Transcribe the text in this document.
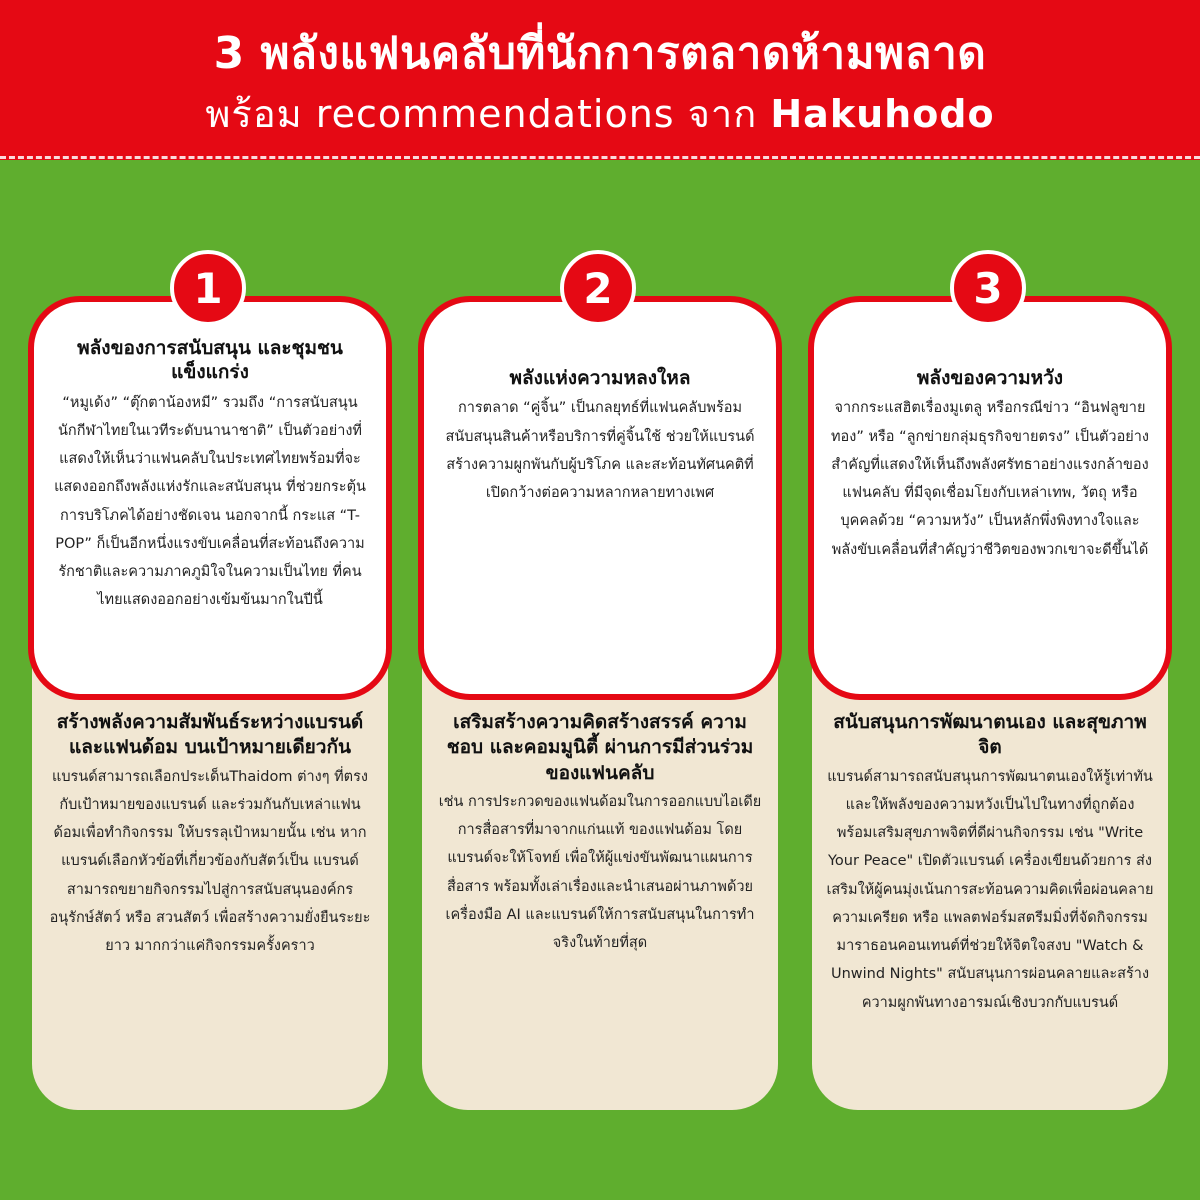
3 พลังแฟนคลับที่นักการตลาดห้ามพลาด
พร้อม recommendations จาก Hakuhodo
1
พลังของการสนับสนุน และชุมชนแข็งแกร่ง
“หมูเด้ง” “ตุ๊กตาน้องหมี” รวมถึง “การสนับสนุนนักกีฬาไทยในเวทีระดับนานาชาติ” เป็นตัวอย่างที่แสดงให้เห็นว่าแฟนคลับในประเทศไทยพร้อมที่จะแสดงออกถึงพลังแห่งรักและสนับสนุน ที่ช่วยกระตุ้นการบริโภคได้อย่างชัดเจน นอกจากนี้ กระแส “T-POP” ก็เป็นอีกหนึ่งแรงขับเคลื่อนที่สะท้อนถึงความรักชาติและความภาคภูมิใจในความเป็นไทย ที่คนไทยแสดงออกอย่างเข้มข้นมากในปีนี้
สร้างพลังความสัมพันธ์ระหว่างแบรนด์และแฟนด้อม บนเป้าหมายเดียวกัน
แบรนด์สามารถเลือกประเด็นThaidom ต่างๆ ที่ตรงกับเป้าหมายของแบรนด์ และร่วมกันกับเหล่าแฟนด้อมเพื่อทำกิจกรรม ให้บรรลุเป้าหมายนั้น เช่น หากแบรนด์เลือกหัวข้อที่เกี่ยวข้องกับสัตว์เป็น แบรนด์สามารถขยายกิจกรรมไปสู่การสนับสนุนองค์กรอนุรักษ์สัตว์ หรือ สวนสัตว์ เพื่อสร้างความยั่งยืนระยะยาว มากกว่าแค่กิจกรรมครั้งคราว
2
พลังแห่งความหลงใหล
การตลาด “คู่จิ้น” เป็นกลยุทธ์ที่แฟนคลับพร้อมสนับสนุนสินค้าหรือบริการที่คู่จิ้นใช้ ช่วยให้แบรนด์สร้างความผูกพันกับผู้บริโภค และสะท้อนทัศนคติที่เปิดกว้างต่อความหลากหลายทางเพศ
เสริมสร้างความคิดสร้างสรรค์ ความชอบ และคอมมูนิตี้ ผ่านการมีส่วนร่วมของแฟนคลับ
เช่น การประกวดของแฟนด้อมในการออกแบบไอเดียการสื่อสารที่มาจากแก่นแท้ ของแฟนด้อม โดยแบรนด์จะให้โจทย์ เพื่อให้ผู้แข่งขันพัฒนาแผนการสื่อสาร พร้อมทั้งเล่าเรื่องและนำเสนอผ่านภาพด้วยเครื่องมือ AI และแบรนด์ให้การสนับสนุนในการทำจริงในท้ายที่สุด
3
พลังของความหวัง
จากกระแสฮิตเรื่องมูเตลู หรือกรณีข่าว “อินฟลูขายทอง” หรือ “ลูกข่ายกลุ่มธุรกิจขายตรง” เป็นตัวอย่างสำคัญที่แสดงให้เห็นถึงพลังศรัทธาอย่างแรงกล้าของแฟนคลับ ที่มีจุดเชื่อมโยงกับเหล่าเทพ, วัตถุ หรือบุคคลด้วย “ความหวัง” เป็นหลักพึ่งพิงทางใจและพลังขับเคลื่อนที่สำคัญว่าชีวิตของพวกเขาจะดีขึ้นได้
สนับสนุนการพัฒนาตนเอง และสุขภาพจิต
แบรนด์สามารถสนับสนุนการพัฒนาตนเองให้รู้เท่าทัน และให้พลังของความหวังเป็นไปในทางที่ถูกต้อง พร้อมเสริมสุขภาพจิตที่ดีผ่านกิจกรรม เช่น "Write Your Peace" เปิดตัวแบรนด์ เครื่องเขียนด้วยการ ส่งเสริมให้ผู้คนมุ่งเน้นการสะท้อนความคิดเพื่อผ่อนคลายความเครียด หรือ แพลตฟอร์มสตรีมมิ่งที่จัดกิจกรรมมาราธอนคอนเทนต์ที่ช่วยให้จิตใจสงบ "Watch & Unwind Nights" สนับสนุนการผ่อนคลายและสร้างความผูกพันทางอารมณ์เชิงบวกกับแบรนด์
